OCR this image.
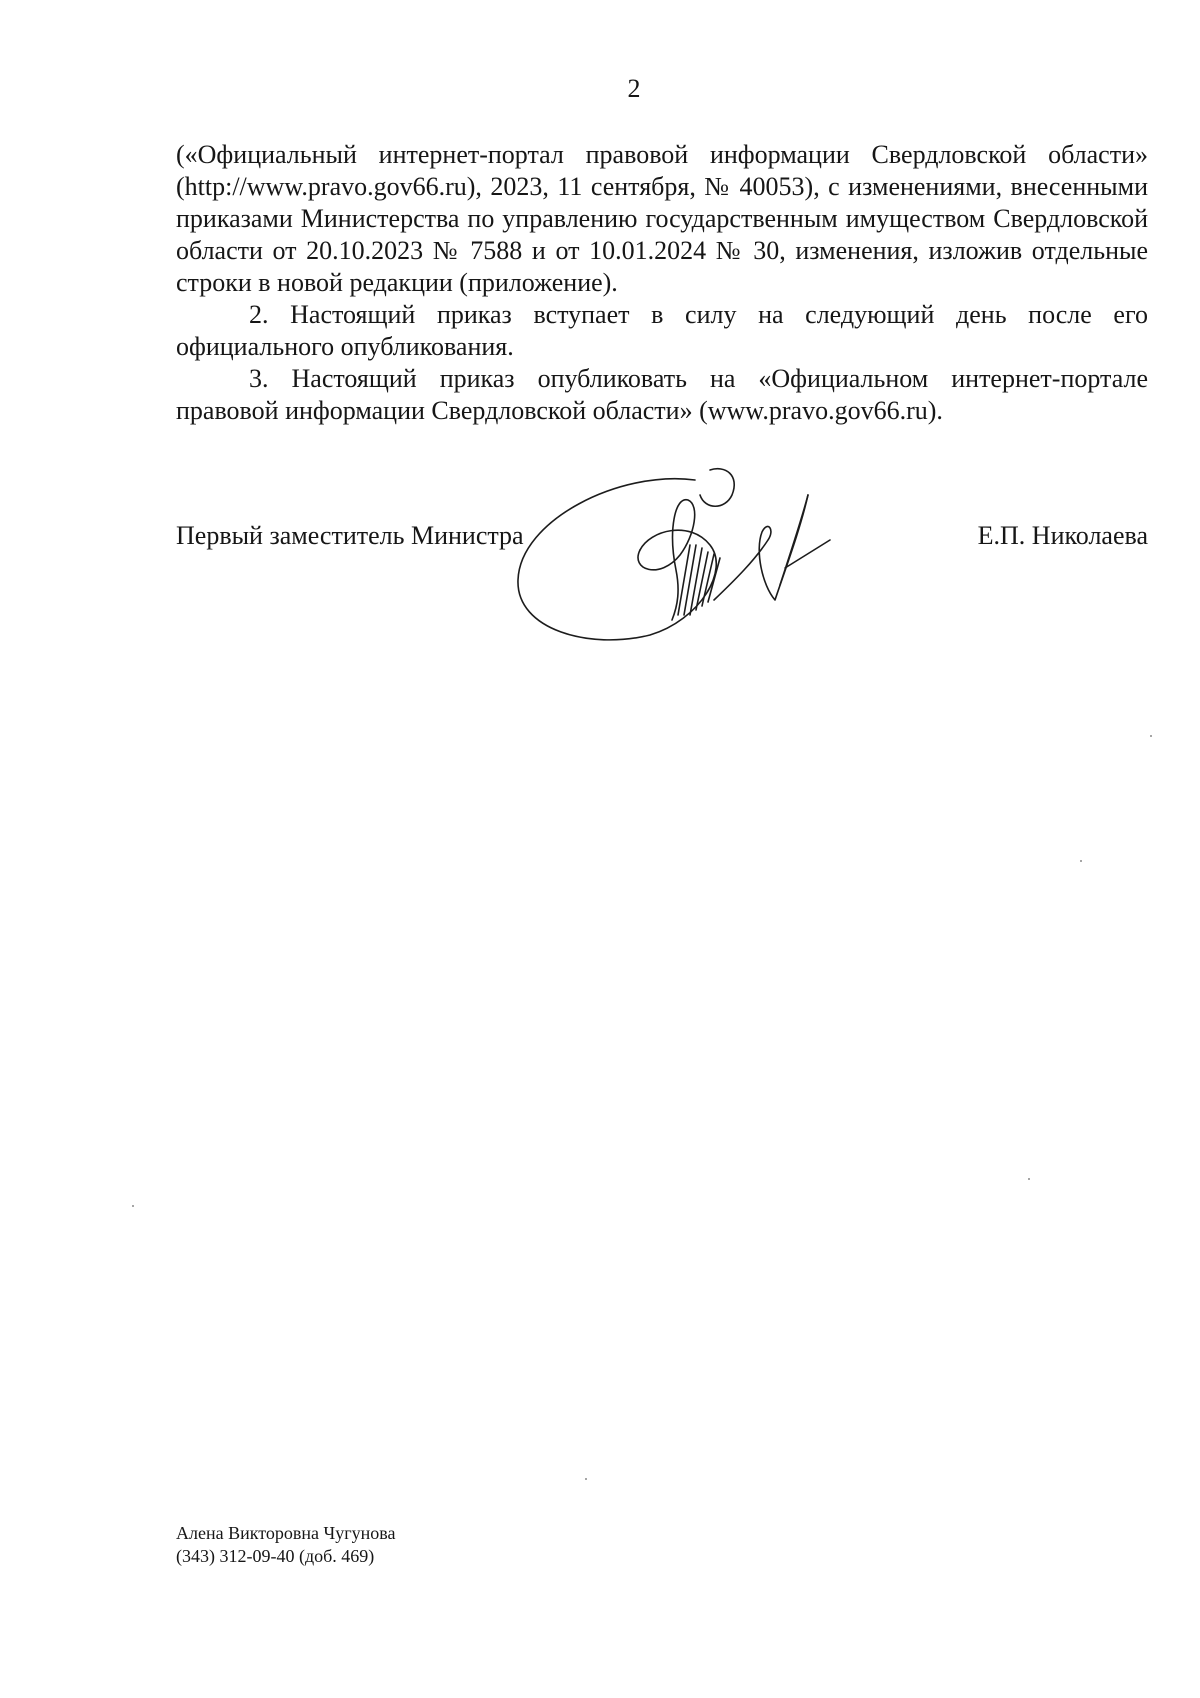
2

(«Официальный интернет-портал правовой информации Свердловской области» (http://www.pravo.gov66.ru), 2023, 11 сентября, № 40053), с изменениями, внесенными приказами Министерства по управлению государственным имуществом Свердловской области от 20.10.2023 № 7588 и от 10.01.2024 № 30, изменения, изложив отдельные строки в новой редакции (приложение).

2. Настоящий приказ вступает в силу на следующий день после его официального опубликования.

3. Настоящий приказ опубликовать на «Официальном интернет-портале правовой информации Свердловской области» (www.pravo.gov66.ru).

Первый заместитель Министра	Е.П. Николаева
Алена Викторовна Чугунова
(343) 312-09-40 (доб. 469)
